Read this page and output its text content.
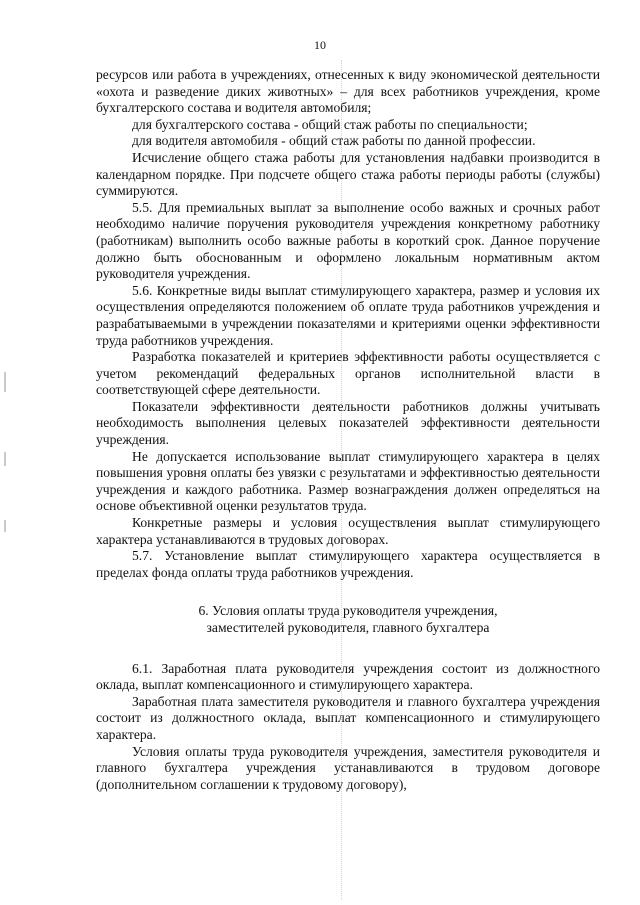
10

ресурсов или работа в учреждениях, отнесенных к виду экономической деятельности «охота и разведение диких животных» – для всех работников учреждения, кроме бухгалтерского состава и водителя автомобиля;

для бухгалтерского состава - общий стаж работы по специальности;

для водителя автомобиля - общий стаж работы по данной профессии.

Исчисление общего стажа работы для установления надбавки производится в календарном порядке. При подсчете общего стажа работы периоды работы (службы) суммируются.

5.5. Для премиальных выплат за выполнение особо важных и срочных работ необходимо наличие поручения руководителя учреждения конкретному работнику (работникам) выполнить особо важные работы в короткий срок. Данное поручение должно быть обоснованным и оформлено локальным нормативным актом руководителя учреждения.

5.6. Конкретные виды выплат стимулирующего характера, размер и условия их осуществления определяются положением об оплате труда работников учреждения и разрабатываемыми в учреждении показателями и критериями оценки эффективности труда работников учреждения.

Разработка показателей и критериев эффективности работы осуществляется с учетом рекомендаций федеральных органов исполнительной власти в соответствующей сфере деятельности.

Показатели эффективности деятельности работников должны учитывать необходимость выполнения целевых показателей эффективности деятельности учреждения.

Не допускается использование выплат стимулирующего характера в целях повышения уровня оплаты без увязки с результатами и эффективностью деятельности учреждения и каждого работника. Размер вознаграждения должен определяться на основе объективной оценки результатов труда.

Конкретные размеры и условия осуществления выплат стимулирующего характера устанавливаются в трудовых договорах.

5.7. Установление выплат стимулирующего характера осуществляется в пределах фонда оплаты труда работников учреждения.

6. Условия оплаты труда руководителя учреждения,
заместителей руководителя, главного бухгалтера

6.1. Заработная плата руководителя учреждения состоит из должностного оклада, выплат компенсационного и стимулирующего характера.

Заработная плата заместителя руководителя и главного бухгалтера учреждения состоит из должностного оклада, выплат компенсационного и стимулирующего характера.

Условия оплаты труда руководителя учреждения, заместителя руководителя и главного бухгалтера учреждения устанавливаются в трудовом договоре (дополнительном соглашении к трудовому договору),
